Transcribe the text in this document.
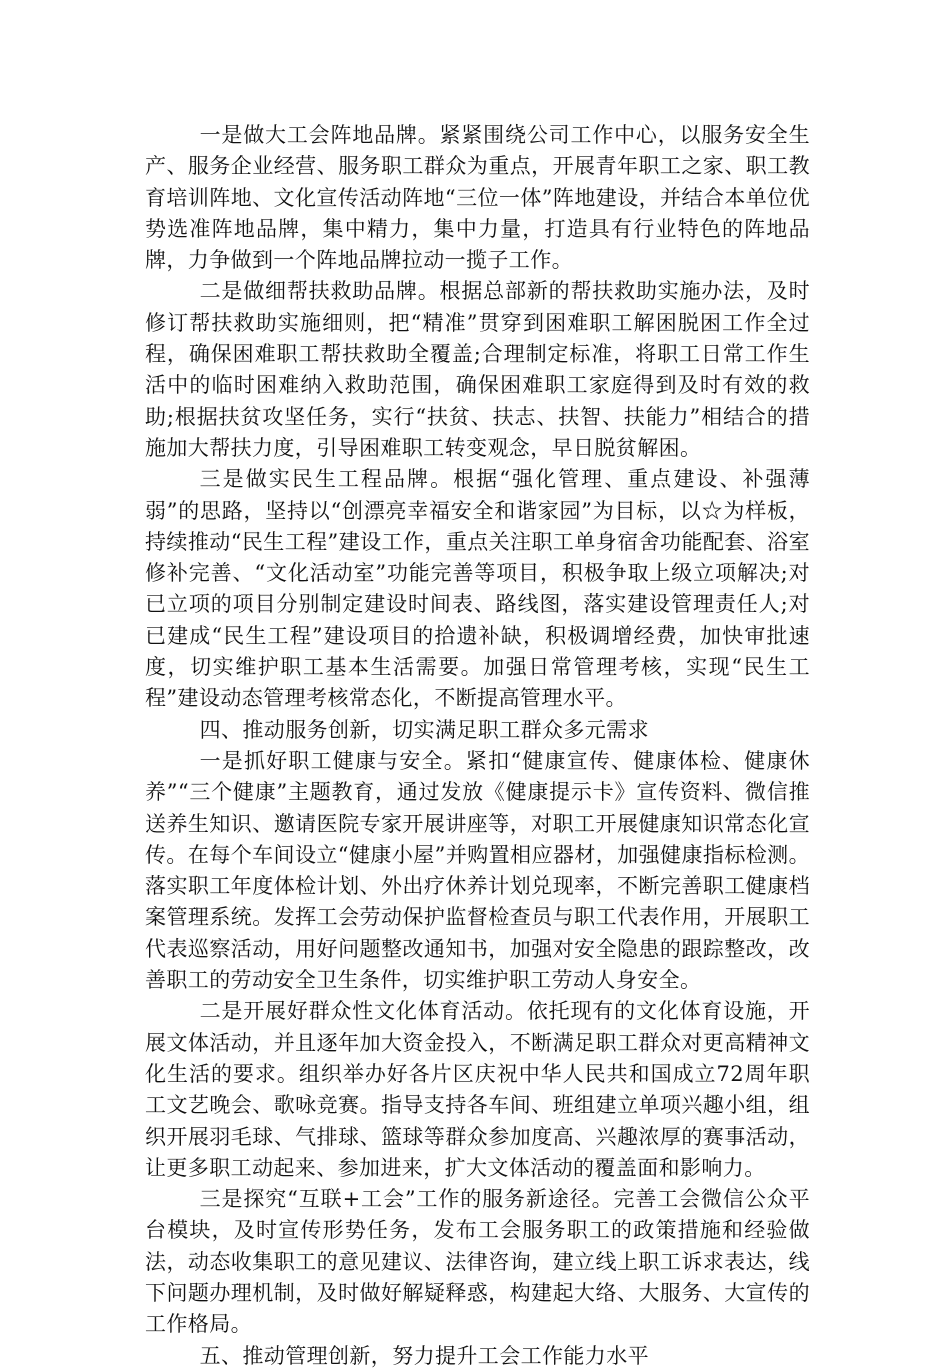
一是做大工会阵地品牌。紧紧围绕公司工作中心，以服务安全生产、服务企业经营、服务职工群众为重点，开展青年职工之家、职工教育培训阵地、文化宣传活动阵地“三位一体”阵地建设，并结合本单位优势选准阵地品牌，集中精力，集中力量，打造具有行业特色的阵地品牌，力争做到一个阵地品牌拉动一揽子工作。

二是做细帮扶救助品牌。根据总部新的帮扶救助实施办法，及时修订帮扶救助实施细则，把“精准”贯穿到困难职工解困脱困工作全过程，确保困难职工帮扶救助全覆盖;合理制定标准，将职工日常工作生活中的临时困难纳入救助范围，确保困难职工家庭得到及时有效的救助;根据扶贫攻坚任务，实行“扶贫、扶志、扶智、扶能力”相结合的措施加大帮扶力度，引导困难职工转变观念，早日脱贫解困。

三是做实民生工程品牌。根据“强化管理、重点建设、补强薄弱”的思路，坚持以“创漂亮幸福安全和谐家园”为目标，以☆为样板，持续推动“民生工程”建设工作，重点关注职工单身宿舍功能配套、浴室修补完善、“文化活动室”功能完善等项目，积极争取上级立项解决;对已立项的项目分别制定建设时间表、路线图，落实建设管理责任人;对已建成“民生工程”建设项目的拾遗补缺，积极调增经费，加快审批速度，切实维护职工基本生活需要。加强日常管理考核，实现“民生工程”建设动态管理考核常态化，不断提高管理水平。

四、推动服务创新，切实满足职工群众多元需求

一是抓好职工健康与安全。紧扣“健康宣传、健康体检、健康休养”“三个健康”主题教育，通过发放《健康提示卡》宣传资料、微信推送养生知识、邀请医院专家开展讲座等，对职工开展健康知识常态化宣传。在每个车间设立“健康小屋”并购置相应器材，加强健康指标检测。落实职工年度体检计划、外出疗休养计划兑现率，不断完善职工健康档案管理系统。发挥工会劳动保护监督检查员与职工代表作用，开展职工代表巡察活动，用好问题整改通知书，加强对安全隐患的跟踪整改，改善职工的劳动安全卫生条件，切实维护职工劳动人身安全。

二是开展好群众性文化体育活动。依托现有的文化体育设施，开展文体活动，并且逐年加大资金投入，不断满足职工群众对更高精神文化生活的要求。组织举办好各片区庆祝中华人民共和国成立72周年职工文艺晚会、歌咏竞赛。指导支持各车间、班组建立单项兴趣小组，组织开展羽毛球、气排球、篮球等群众参加度高、兴趣浓厚的赛事活动，让更多职工动起来、参加进来，扩大文体活动的覆盖面和影响力。

三是探究“互联+工会”工作的服务新途径。完善工会微信公众平台模块，及时宣传形势任务，发布工会服务职工的政策措施和经验做法，动态收集职工的意见建议、法律咨询，建立线上职工诉求表达，线下问题办理机制，及时做好解疑释惑，构建起大络、大服务、大宣传的工作格局。

五、推动管理创新，努力提升工会工作能力水平
